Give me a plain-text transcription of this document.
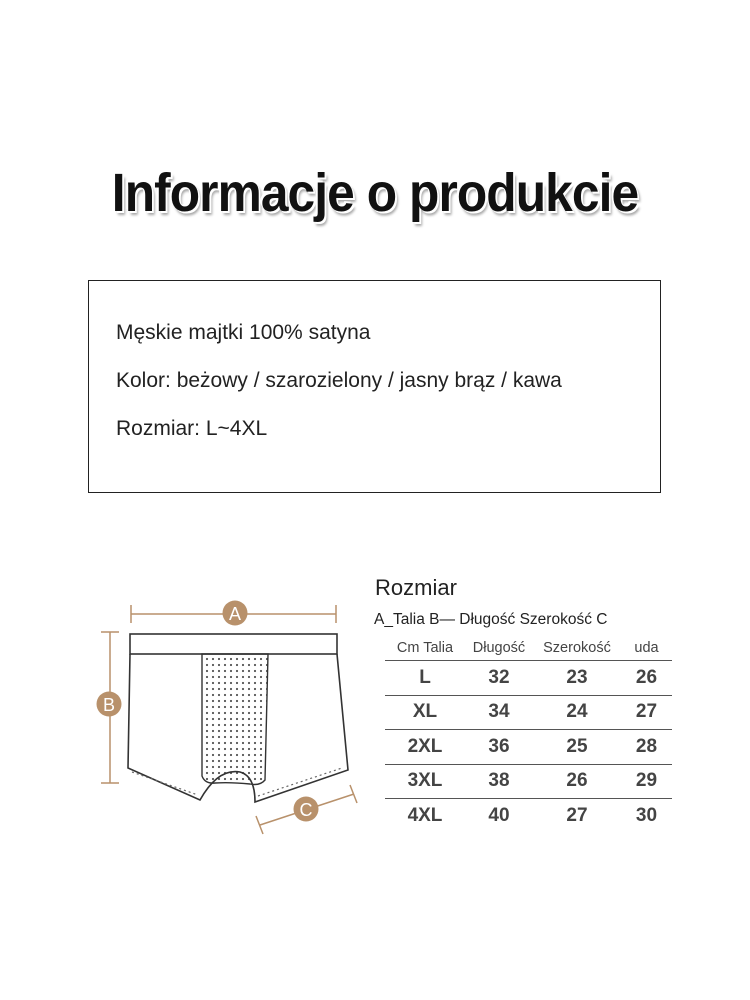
Informacje o produkcie
Męskie majtki 100% satyna
Kolor: beżowy / szarozielony / jasny brąz / kawa
Rozmiar: L~4XL
A
B
C
Rozmiar
A_Talia B— Długość Szerokość C
Cm Talia	Długość	Szerokość	uda
L	32	23	26
XL	34	24	27
2XL	36	25	28
3XL	38	26	29
4XL	40	27	30
